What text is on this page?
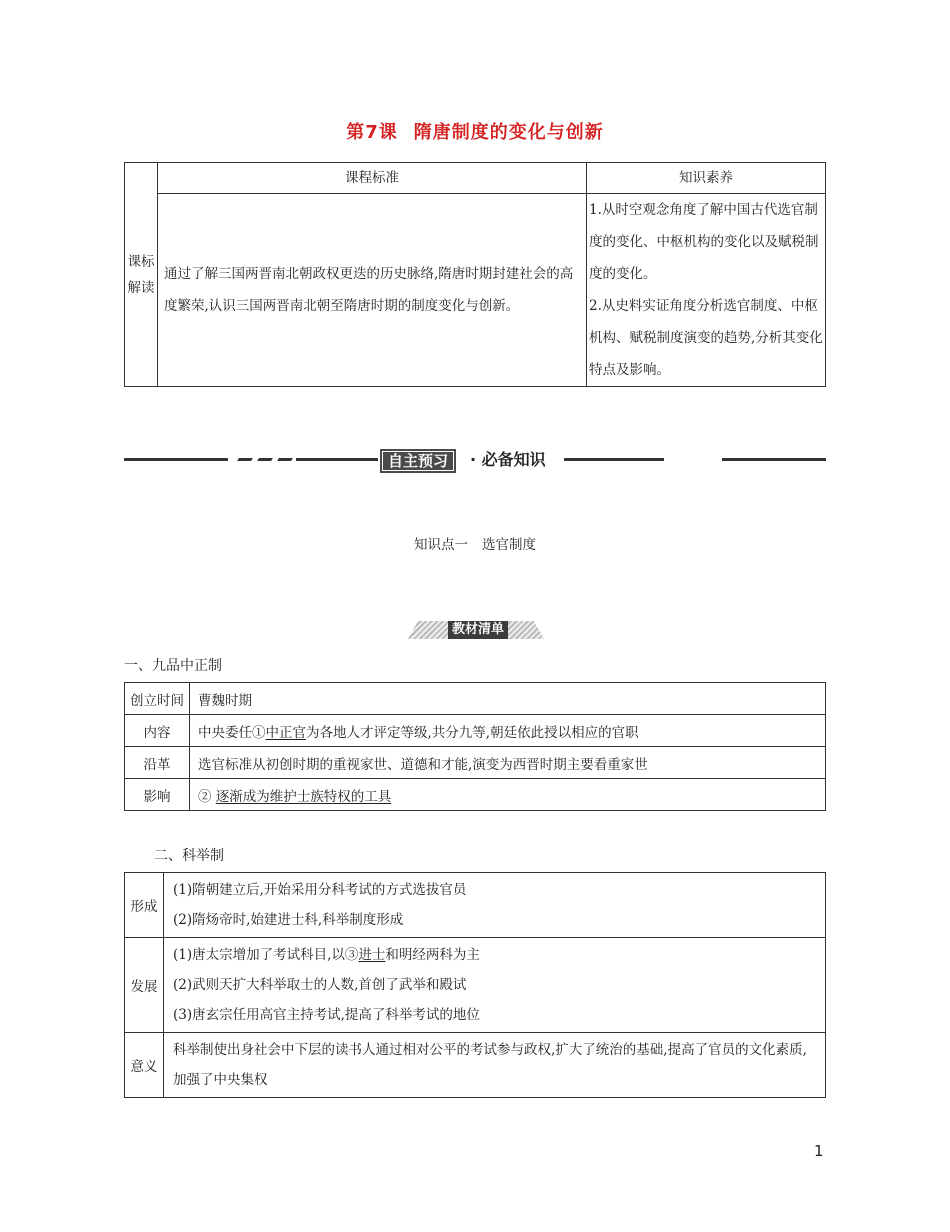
第7课 隋唐制度的变化与创新
课标解读	课程标准	知识素养
	通过了解三国两晋南北朝政权更迭的历史脉络,隋唐时期封建社会的高度繁荣,认识三国两晋南北朝至隋唐时期的制度变化与创新。	1.从时空观念角度了解中国古代选官制度的变化、中枢机构的变化以及赋税制度的变化。
2.从史料实证角度分析选官制度、中枢机构、赋税制度演变的趋势,分析其变化特点及影响。
自主预习	· 必备知识
知识点一 选官制度
教材清单
一、九品中正制
创立时间	曹魏时期
内容	中央委任①中正官为各地人才评定等级,共分九等,朝廷依此授以相应的官职
沿革	选官标准从初创时期的重视家世、道德和才能,演变为西晋时期主要看重家世
影响	② 逐渐成为维护士族特权的工具
二、科举制
形成	(1)隋朝建立后,开始采用分科考试的方式选拔官员
(2)隋炀帝时,始建进士科,科举制度形成

发展	(1)唐太宗增加了考试科目,以③进士和明经两科为主
(2)武则天扩大科举取士的人数,首创了武举和殿试
(3)唐玄宗任用高官主持考试,提高了科举考试的地位

意义	科举制使出身社会中下层的读书人通过相对公平的考试参与政权,扩大了统治的基础,提高了官员的文化素质,加强了中央集权
1
